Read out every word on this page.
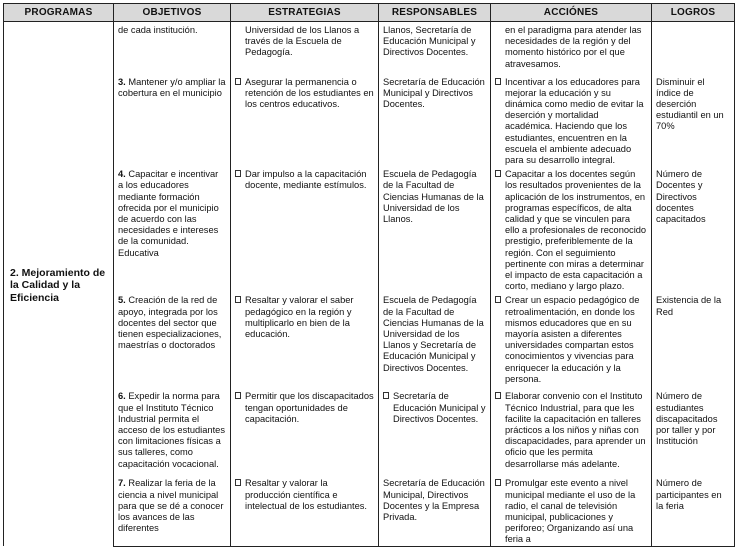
PROGRAMAS	OBJETIVOS	ESTRATEGIAS	RESPONSABLES	ACCIÓNES	LOGROS
2. Mejoramiento de la Calidad y la Eficiencia	de cada institución.	Universidad de los Llanos a través de la Escuela de Pedagogía.	Llanos, Secretaría de Educación Municipal y Directivos Docentes.	en el paradigma para atender las necesidades de la región y del momento histórico por el que atravesamos.	

	3. Mantener y/o ampliar la cobertura en el municipio	Asegurar la permanencia o retención de los estudiantes en los centros educativos.	Secretaría de Educación Municipal y Directivos Docentes.	Incentivar a los educadores para mejorar la educación y su dinámica como medio de evitar la deserción y mortalidad académica. Haciendo que los estudiantes, encuentren en la escuela el ambiente adecuado para su desarrollo integral.	Disminuir el índice de deserción estudiantil en un 70%
	4. Capacitar e incentivar a los educadores mediante formación ofrecida por el municipio de acuerdo con las necesidades e intereses de la comunidad. Educativa	Dar impulso a la capacitación docente, mediante estímulos.	Escuela de Pedagogía de la Facultad de Ciencias Humanas de la Universidad de los Llanos.	Capacitar a los docentes según los resultados provenientes de la aplicación de los instrumentos, en programas específicos, de alta calidad y que se vinculen para ello a profesionales de reconocido prestigio, preferiblemente de la región. Con el seguimiento pertinente con miras a determinar el impacto de esta capacitación a corto, mediano y largo plazo.	Número de Docentes y Directivos docentes capacitados
	5. Creación de la red de apoyo, integrada por los docentes del sector que tienen especializaciones, maestrías o doctorados	Resaltar y valorar el saber pedagógico en la región y multiplicarlo en bien de la educación.	Escuela de Pedagogía de la Facultad de Ciencias Humanas de la Universidad de los Llanos y Secretaría de Educación Municipal y Directivos Docentes.	Crear un espacio pedagógico de retroalimentación, en donde los mismos educadores que en su mayoría asisten a diferentes universidades compartan estos conocimientos y vivencias para enriquecer la educación y la persona.	Existencia de la Red
	6. Expedir la norma para que el Instituto Técnico Industrial permita el acceso de los estudiantes con limitaciones físicas a sus talleres, como capacitación vocacional.	Permitir que los discapacitados tengan oportunidades de capacitación.	Secretaría de Educación Municipal y Directivos Docentes.	Elaborar convenio con el Instituto Técnico Industrial, para que les facilite la capacitación en talleres prácticos a los niños y niñas con discapacidades, para aprender un oficio que les permita desarrollarse más adelante.	Número de estudiantes discapacitados por taller y por Institución
	7. Realizar la feria de la ciencia a nivel municipal para que se dé a conocer los avances de las diferentes	Resaltar y valorar la producción científica e intelectual de los estudiantes.	Secretaría de Educación Municipal, Directivos Docentes y la Empresa Privada.	Promulgar este evento a nivel municipal mediante el uso de la radio, el canal de televisión municipal, publicaciones y periforeo; Organizando así una feria a	Número de participantes en la feria
